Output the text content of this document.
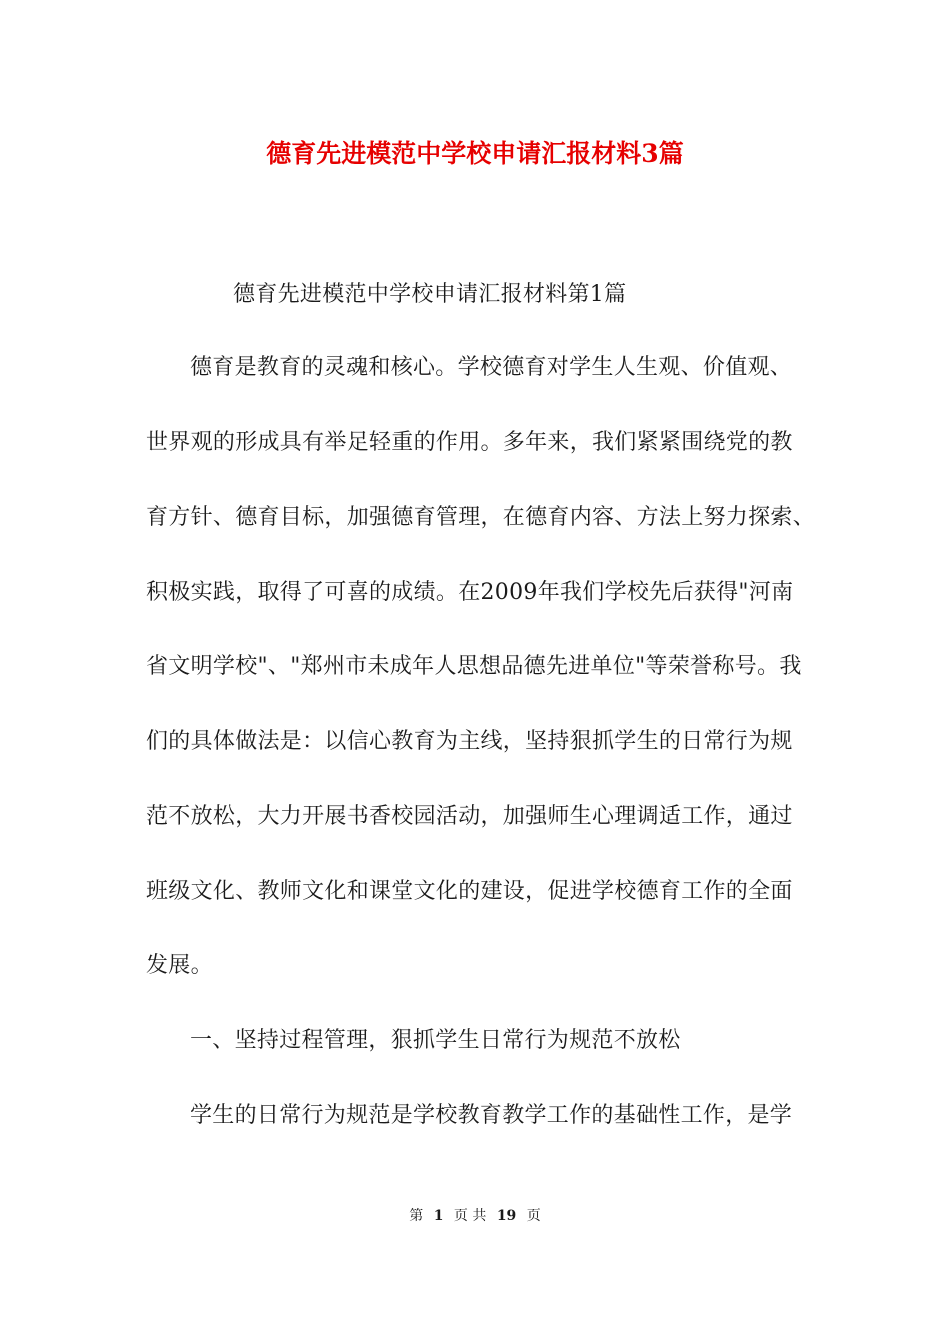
德育先进模范中学校申请汇报材料3篇
德育先进模范中学校申请汇报材料第1篇
德育是教育的灵魂和核心。学校德育对学生人生观、价值观、
世界观的形成具有举足轻重的作用。多年来，我们紧紧围绕党的教
育方针、德育目标，加强德育管理，在德育内容、方法上努力探索、
积极实践，取得了可喜的成绩。在2009年我们学校先后获得"河南
省文明学校"、"郑州市未成年人思想品德先进单位"等荣誉称号。我
们的具体做法是：以信心教育为主线，坚持狠抓学生的日常行为规
范不放松，大力开展书香校园活动，加强师生心理调适工作，通过
班级文化、教师文化和课堂文化的建设，促进学校德育工作的全面
发展。
一、坚持过程管理，狠抓学生日常行为规范不放松
学生的日常行为规范是学校教育教学工作的基础性工作，是学
第 1 页 共 19 页
